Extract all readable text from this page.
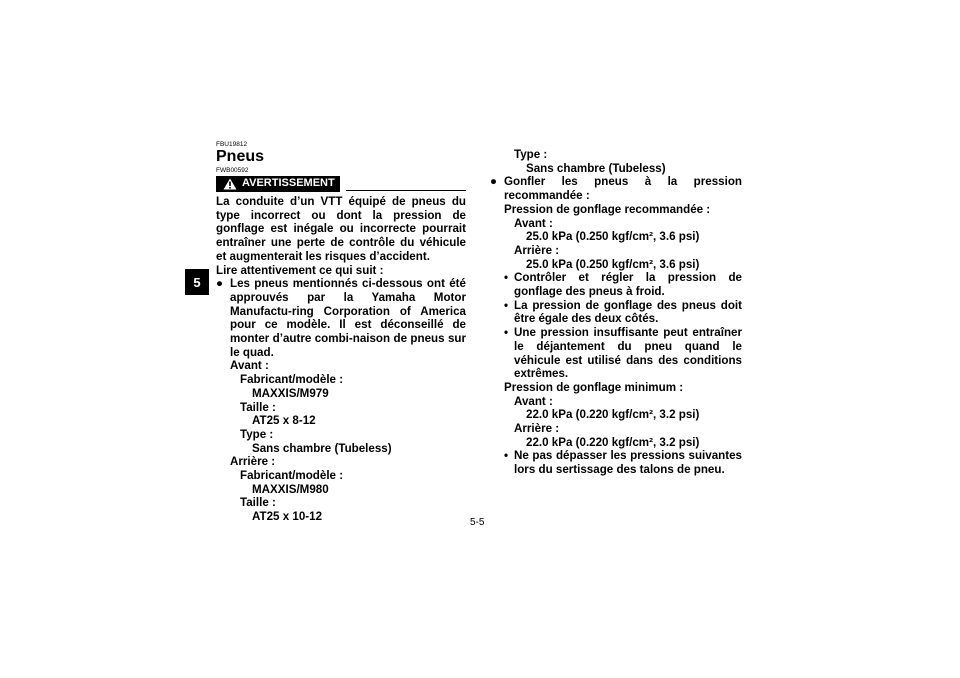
5
FBU19812
Pneus
FWB00592
AVERTISSEMENT
La conduite d’un VTT équipé de pneus du type incorrect ou dont la pression de gonflage est inégale ou incorrecte pourrait entraîner une perte de contrôle du véhicule et augmenterait les risques d’accident.
Lire attentivement ce qui suit :
● Les pneus mentionnés ci-dessous ont été approuvés par la Yamaha Motor Manufactu-ring Corporation of America pour ce modèle. Il est déconseillé de monter d’autre combi-naison de pneus sur le quad.
Avant :
Fabricant/modèle :
MAXXIS/M979
Taille :
AT25 x 8-12
Type :
Sans chambre (Tubeless)
Arrière :
Fabricant/modèle :
MAXXIS/M980
Taille :
AT25 x 10-12
Type :
Sans chambre (Tubeless)
● Gonfler les pneus à la pression recommandée :
Pression de gonflage recommandée :
Avant :
25.0 kPa (0.250 kgf/cm², 3.6 psi)
Arrière :
25.0 kPa (0.250 kgf/cm², 3.6 psi)
• Contrôler et régler la pression de gonflage des pneus à froid.
• La pression de gonflage des pneus doit être égale des deux côtés.
• Une pression insuffisante peut entraîner le déjantement du pneu quand le véhicule est utilisé dans des conditions extrêmes.
Pression de gonflage minimum :
Avant :
22.0 kPa (0.220 kgf/cm², 3.2 psi)
Arrière :
22.0 kPa (0.220 kgf/cm², 3.2 psi)
• Ne pas dépasser les pressions suivantes lors du sertissage des talons de pneu.
5-5
